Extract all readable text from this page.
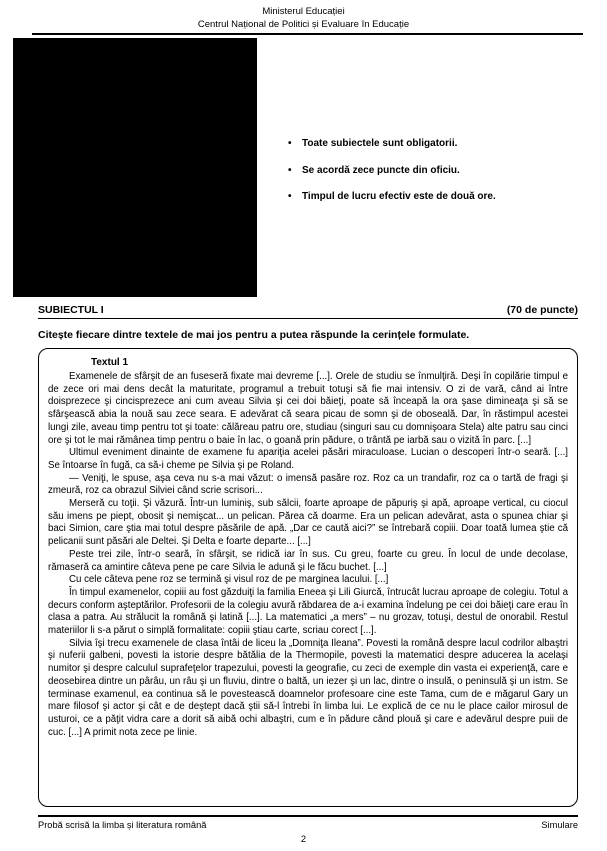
Ministerul Educației
Centrul Național de Politici și Evaluare în Educație
•
Toate subiectele sunt obligatorii.
•
Se acordă zece puncte din oficiu.
•
Timpul de lucru efectiv este de două ore.
SUBIECTUL I	(70 de puncte)
Citește fiecare dintre textele de mai jos pentru a putea răspunde la cerințele formulate.
Textul 1

Examenele de sfârşit de an fuseseră fixate mai devreme [...]. Orele de studiu se înmulţiră. Deşi în copilărie timpul e de zece ori mai dens decât la maturitate, programul a trebuit totuşi să fie mai intensiv. O zi de vară, când ai între doisprezece şi cincisprezece ani cum aveau Silvia şi cei doi băieţi, poate să înceapă la ora şase dimineaţa şi să se sfârşească abia la nouă sau zece seara. E adevărat că seara picau de somn şi de oboseală. Dar, în răstimpul acestei lungi zile, aveau timp pentru tot şi toate: călăreau patru ore, studiau (singuri sau cu domnişoara Stela) alte patru sau cinci ore şi tot le mai rămânea timp pentru o baie în lac, o goană prin pădure, o trântă pe iarbă sau o vizită în parc. [...]

Ultimul eveniment dinainte de examene fu apariţia acelei păsări miraculoase. Lucian o descoperi într-o seară. [...] Se întoarse în fugă, ca să-i cheme pe Silvia şi pe Roland.

— Veniţi, le spuse, aşa ceva nu s-a mai văzut: o imensă pasăre roz. Roz ca un trandafir, roz ca o tartă de fragi şi zmeură, roz ca obrazul Silviei când scrie scrisori...

Merseră cu toţii. Şi văzură. Într-un luminiş, sub sălcii, foarte aproape de păpuriş şi apă, aproape vertical, cu ciocul său imens pe piept, obosit şi nemişcat... un pelican. Părea că doarme. Era un pelican adevărat, asta o spunea chiar şi baci Simion, care ştia mai totul despre păsările de apă. „Dar ce caută aici?” se întrebară copiii. Doar toată lumea ştie că pelicanii sunt păsări ale Deltei. Şi Delta e foarte departe... [...]

Peste trei zile, într-o seară, în sfârşit, se ridică iar în sus. Cu greu, foarte cu greu. În locul de unde decolase, rămaseră ca amintire câteva pene pe care Silvia le adună şi le făcu buchet. [...]

Cu cele câteva pene roz se termină şi visul roz de pe marginea lacului. [...]

În timpul examenelor, copiii au fost găzduiţi la familia Eneea şi Lili Giurcă, întrucât lucrau aproape de colegiu. Totul a decurs conform aşteptărilor. Profesorii de la colegiu avură răbdarea de a-i examina îndelung pe cei doi băieţi care erau în clasa a patra. Au strălucit la română şi latină [...]. La matematici „a mers” – nu grozav, totuşi, destul de onorabil. Restul materiilor li s-a părut o simplă formalitate: copiii ştiau carte, scriau corect [...].

Silvia îşi trecu examenele de clasa întâi de liceu la „Domniţa Ileana”. Povesti la română despre lacul codrilor albaştri şi nuferii galbeni, povesti la istorie despre bătălia de la Thermopile, povesti la matematici despre aducerea la acelaşi numitor şi despre calculul suprafeţelor trapezului, povesti la geografie, cu zeci de exemple din vasta ei experienţă, care e deosebirea dintre un pârâu, un râu şi un fluviu, dintre o baltă, un iezer şi un lac, dintre o insulă, o peninsulă şi un istm. Se terminase examenul, ea continua să le povestească doamnelor profesoare cine este Tama, cum de e măgarul Gary un mare filosof şi actor şi cât e de deştept dacă ştii să-l întrebi în limba lui. Le explică de ce nu le place cailor mirosul de usturoi, ce a păţit vidra care a dorit să aibă ochi albaştri, cum e în pădure când plouă şi care e adevărul despre puii de cuc. [...] A primit nota zece pe linie.

Probă scrisă la limba și literatura română	Simulare
2
